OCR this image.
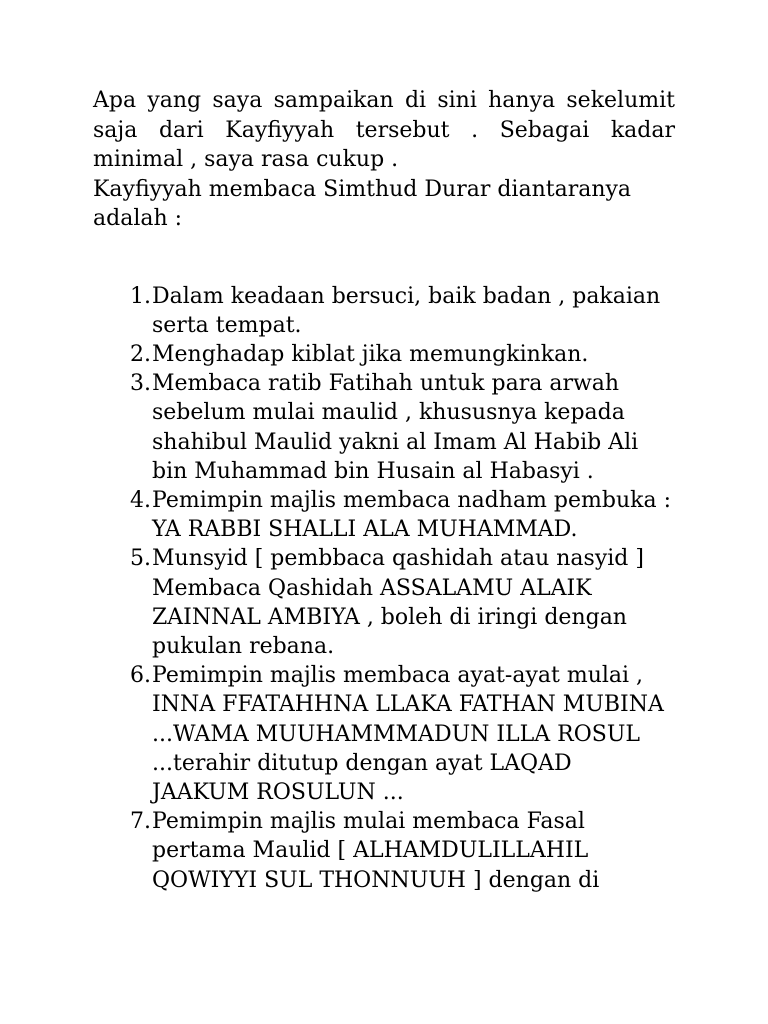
Apa yang saya sampaikan di sini hanya sekelumit saja dari Kayfiyyah tersebut . Sebagai kadar minimal , saya rasa cukup .

Kayfiyyah membaca Simthud Durar diantaranya adalah :

1. Dalam keadaan bersuci, baik badan , pakaian serta tempat.
2. Menghadap kiblat jika memungkinkan.
3. Membaca ratib Fatihah untuk para arwah sebelum mulai maulid , khususnya kepada shahibul Maulid yakni al Imam Al Habib Ali bin Muhammad bin Husain al Habasyi .
4. Pemimpin majlis membaca nadham pembuka : YA RABBI SHALLI ALA MUHAMMAD.
5. Munsyid [ pembbaca qashidah atau nasyid ] Membaca Qashidah ASSALAMU ALAIK ZAINNAL AMBIYA , boleh di iringi dengan pukulan rebana.
6. Pemimpin majlis membaca ayat-ayat mulai , INNA FFATAHHNA LLAKA FATHAN MUBINA ...WAMA MUUHAMMMADUN ILLA ROSUL ...terahir ditutup dengan ayat LAQAD JAAKUM ROSULUN ...
7. Pemimpin majlis mulai membaca Fasal pertama Maulid [ ALHAMDULILLAHIL QOWIYYI SUL THONNUUH ] dengan di
